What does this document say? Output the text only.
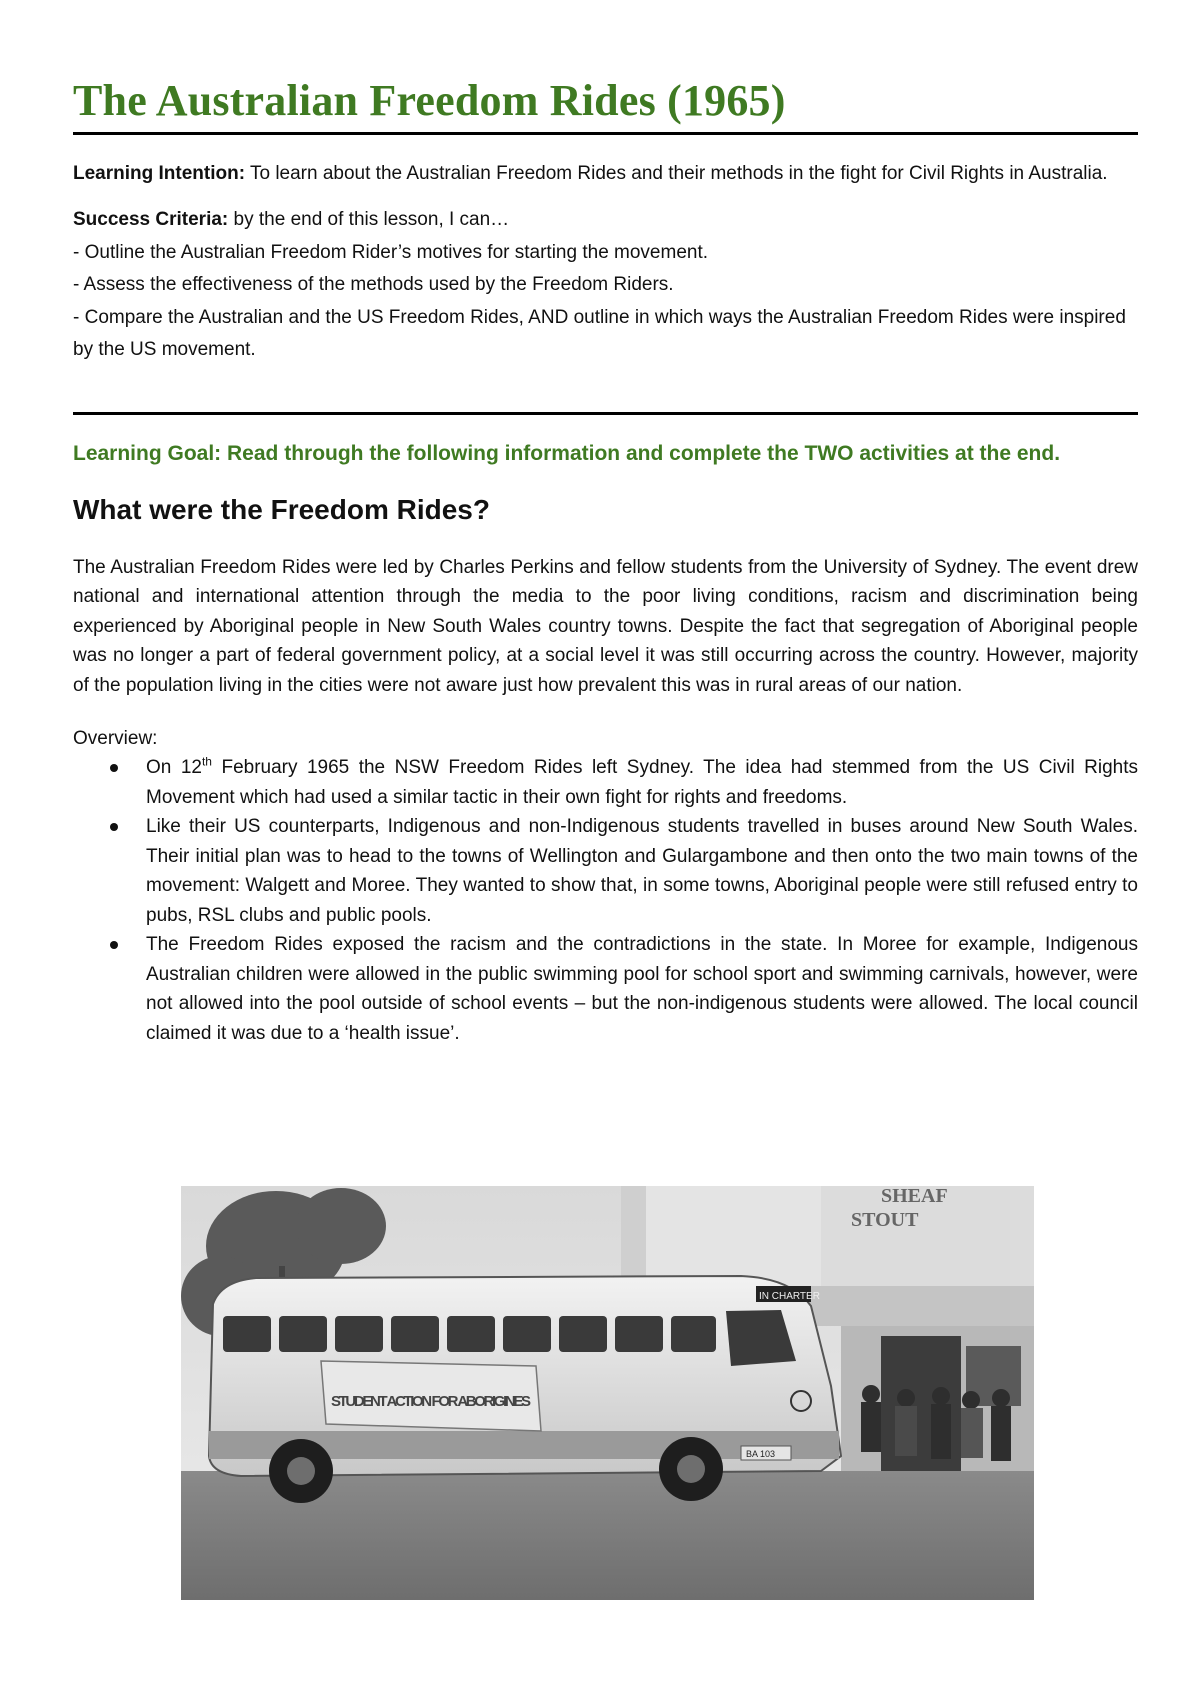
The Australian Freedom Rides (1965)
Learning Intention: To learn about the Australian Freedom Rides and their methods in the fight for Civil Rights in Australia.
Success Criteria: by the end of this lesson, I can…
- Outline the Australian Freedom Rider’s motives for starting the movement.
- Assess the effectiveness of the methods used by the Freedom Riders.
- Compare the Australian and the US Freedom Rides, AND outline in which ways the Australian Freedom Rides were inspired by the US movement.
Learning Goal: Read through the following information and complete the TWO activities at the end.
What were the Freedom Rides?

The Australian Freedom Rides were led by Charles Perkins and fellow students from the University of Sydney. The event drew national and international attention through the media to the poor living conditions, racism and discrimination being experienced by Aboriginal people in New South Wales country towns. Despite the fact that segregation of Aboriginal people was no longer a part of federal government policy, at a social level it was still occurring across the country. However, majority of the population living in the cities were not aware just how prevalent this was in rural areas of our nation.

Overview:
On 12th February 1965 the NSW Freedom Rides left Sydney. The idea had stemmed from the US Civil Rights Movement which had used a similar tactic in their own fight for rights and freedoms.
Like their US counterparts, Indigenous and non-Indigenous students travelled in buses around New South Wales. Their initial plan was to head to the towns of Wellington and Gulargambone and then onto the two main towns of the movement: Walgett and Moree. They wanted to show that, in some towns, Aboriginal people were still refused entry to pubs, RSL clubs and public pools.
The Freedom Rides exposed the racism and the contradictions in the state. In Moree for example, Indigenous Australian children were allowed in the public swimming pool for school sport and swimming carnivals, however, were not allowed into the pool outside of school events – but the non-indigenous students were allowed. The local council claimed it was due to a ‘health issue’.
SHEAF
STOUT
IN CHARTER
STUDENT ACTION FOR ABORIGINES
BA 103
